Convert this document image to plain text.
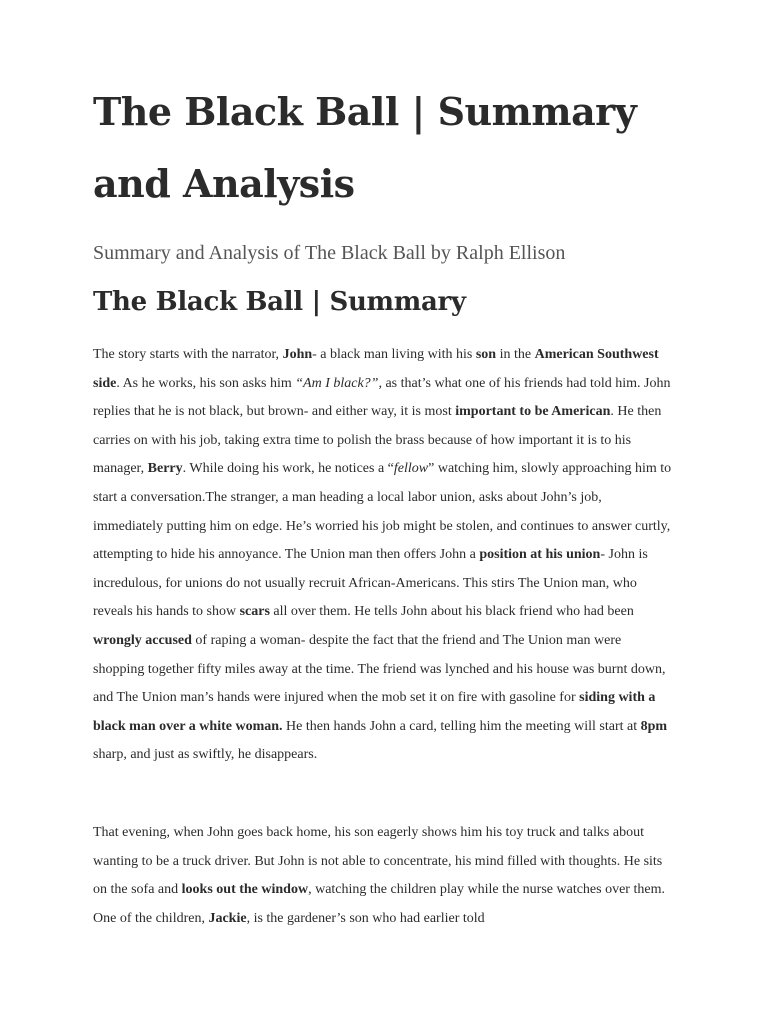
The Black Ball | Summary and Analysis
Summary and Analysis of The Black Ball by Ralph Ellison
The Black Ball | Summary

The story starts with the narrator, John- a black man living with his son in the American Southwest side. As he works, his son asks him “Am I black?”, as that’s what one of his friends had told him. John replies that he is not black, but brown- and either way, it is most important to be American. He then carries on with his job, taking extra time to polish the brass because of how important it is to his manager, Berry. While doing his work, he notices a “fellow” watching him, slowly approaching him to start a conversation.The stranger, a man heading a local labor union, asks about John’s job, immediately putting him on edge. He’s worried his job might be stolen, and continues to answer curtly, attempting to hide his annoyance. The Union man then offers John a position at his union- John is incredulous, for unions do not usually recruit African-Americans. This stirs The Union man, who reveals his hands to show scars all over them. He tells John about his black friend who had been wrongly accused of raping a woman- despite the fact that the friend and The Union man were shopping together fifty miles away at the time. The friend was lynched and his house was burnt down, and The Union man’s hands were injured when the mob set it on fire with gasoline for siding with a black man over a white woman. He then hands John a card, telling him the meeting will start at 8pm sharp, and just as swiftly, he disappears.

That evening, when John goes back home, his son eagerly shows him his toy truck and talks about wanting to be a truck driver. But John is not able to concentrate, his mind filled with thoughts. He sits on the sofa and looks out the window, watching the children play while the nurse watches over them. One of the children, Jackie, is the gardener’s son who had earlier told
